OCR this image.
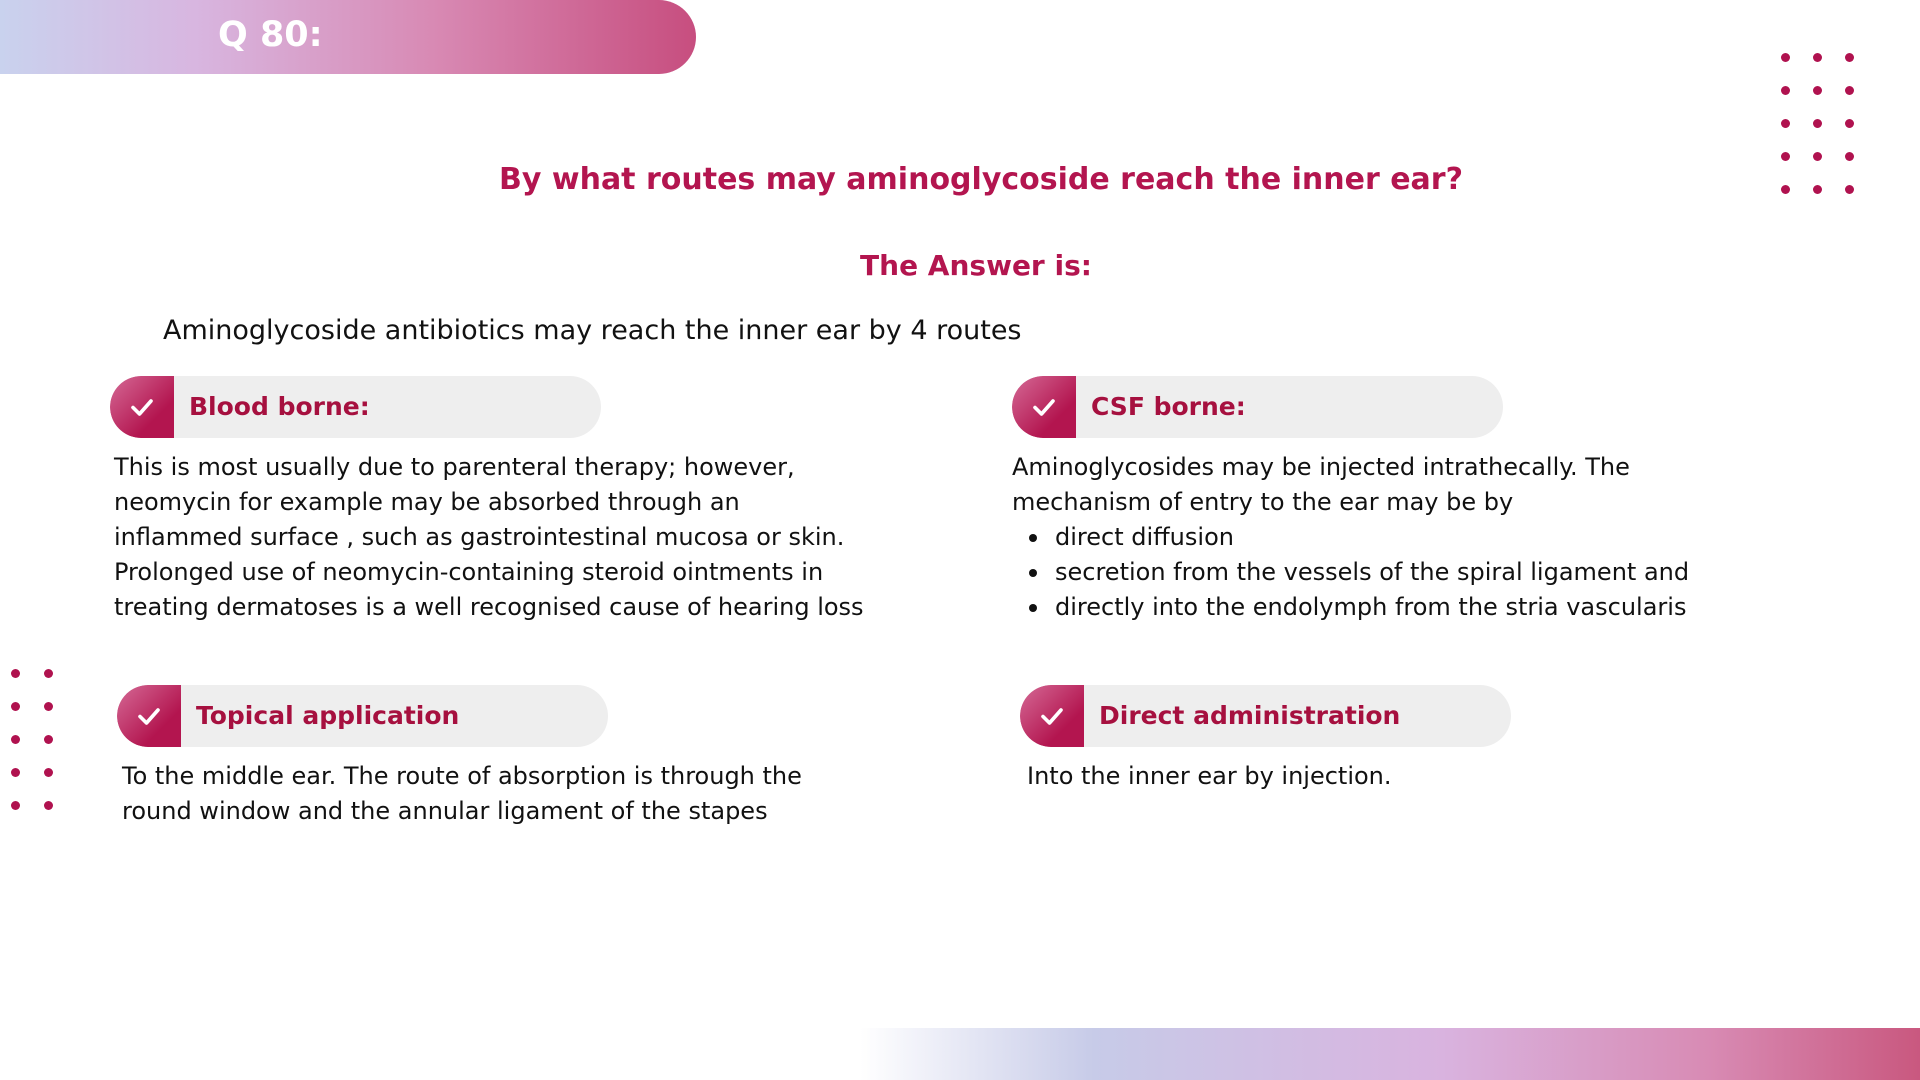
Q 80:
By what routes may aminoglycoside reach the inner ear?
The Answer is:
Aminoglycoside antibiotics may reach the inner ear by 4 routes
Blood borne:
This is most usually due to parenteral therapy; however,
neomycin for example may be absorbed through an
inflammed surface , such as gastrointestinal mucosa or skin.
Prolonged use of neomycin-containing steroid ointments in
treating dermatoses is a well recognised cause of hearing loss
CSF borne:
Aminoglycosides may be injected intrathecally. The
mechanism of entry to the ear may be by
direct diffusion
secretion from the vessels of the spiral ligament and
directly into the endolymph from the stria vascularis
Topical application
To the middle ear. The route of absorption is through the
round window and the annular ligament of the stapes
Direct administration
Into the inner ear by injection.
